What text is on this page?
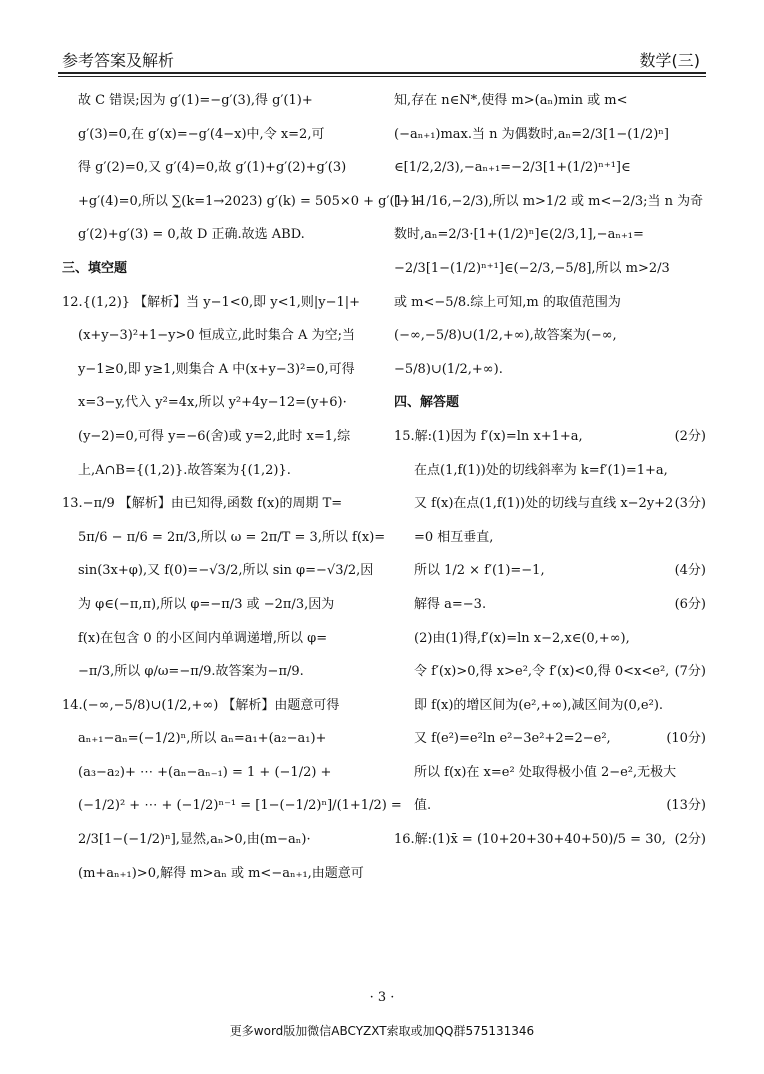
参考答案及解析	数学(三)
故 C 错误;因为 g′(1)=−g′(3),得 g′(1)+
g′(3)=0,在 g′(x)=−g′(4−x)中,令 x=2,可
得 g′(2)=0,又 g′(4)=0,故 g′(1)+g′(2)+g′(3)
+g′(4)=0,所以 ∑(k=1→2023) g′(k) = 505×0 + g′(1) +
g′(2)+g′(3) = 0,故 D 正确.故选 ABD.
三、填空题
12.{(1,2)} 【解析】当 y−1<0,即 y<1,则|y−1|+
(x+y−3)²+1−y>0 恒成立,此时集合 A 为空;当
y−1≥0,即 y≥1,则集合 A 中(x+y−3)²=0,可得
x=3−y,代入 y²=4x,所以 y²+4y−12=(y+6)·
(y−2)=0,可得 y=−6(舍)或 y=2,此时 x=1,综
上,A∩B={(1,2)}.故答案为{(1,2)}.
13.−π/9 【解析】由已知得,函数 f(x)的周期 T=
5π/6 − π/6 = 2π/3,所以 ω = 2π/T = 3,所以 f(x)=
sin(3x+φ),又 f(0)=−√3/2,所以 sin φ=−√3/2,因
为 φ∈(−π,π),所以 φ=−π/3 或 −2π/3,因为
f(x)在包含 0 的小区间内单调递增,所以 φ=
−π/3,所以 φ/ω=−π/9.故答案为−π/9.
14.(−∞,−5/8)∪(1/2,+∞) 【解析】由题意可得
aₙ₊₁−aₙ=(−1/2)ⁿ,所以 aₙ=a₁+(a₂−a₁)+
(a₃−a₂)+ ⋯ +(aₙ−aₙ₋₁) = 1 + (−1/2) +
(−1/2)² + ⋯ + (−1/2)ⁿ⁻¹ = [1−(−1/2)ⁿ]/(1+1/2) =
2/3[1−(−1/2)ⁿ],显然,aₙ>0,由(m−aₙ)·
(m+aₙ₊₁)>0,解得 m>aₙ 或 m<−aₙ₊₁,由题意可
知,存在 n∈N*,使得 m>(aₙ)min 或 m<
(−aₙ₊₁)max.当 n 为偶数时,aₙ=2/3[1−(1/2)ⁿ]
∈[1/2,2/3),−aₙ₊₁=−2/3[1+(1/2)ⁿ⁺¹]∈
[−11/16,−2/3),所以 m>1/2 或 m<−2/3;当 n 为奇
数时,aₙ=2/3·[1+(1/2)ⁿ]∈(2/3,1],−aₙ₊₁=
−2/3[1−(1/2)ⁿ⁺¹]∈(−2/3,−5/8],所以 m>2/3
或 m<−5/8.综上可知,m 的取值范围为
(−∞,−5/8)∪(1/2,+∞),故答案为(−∞,
−5/8)∪(1/2,+∞).
四、解答题
15.解:(1)因为 f′(x)=ln x+1+a,	(2分)
在点(1,f(1))处的切线斜率为 k=f′(1)=1+a,
(3分)
又 f(x)在点(1,f(1))处的切线与直线 x−2y+2
=0 相互垂直,
所以 1/2 × f′(1)=−1,	(4分)
解得 a=−3.	(6分)
(2)由(1)得,f′(x)=ln x−2,x∈(0,+∞),
(7分)
令 f′(x)>0,得 x>e²,令 f′(x)<0,得 0<x<e²,
即 f(x)的增区间为(e²,+∞),减区间为(0,e²).
(10分)
又 f(e²)=e²ln e²−3e²+2=2−e²,
所以 f(x)在 x=e² 处取得极小值 2−e²,无极大
值.	(13分)
16.解:(1)x̄ = (10+20+30+40+50)/5 = 30, (2分)
· 3 ·
更多word版加微信ABCYZXT索取或加QQ群575131346
